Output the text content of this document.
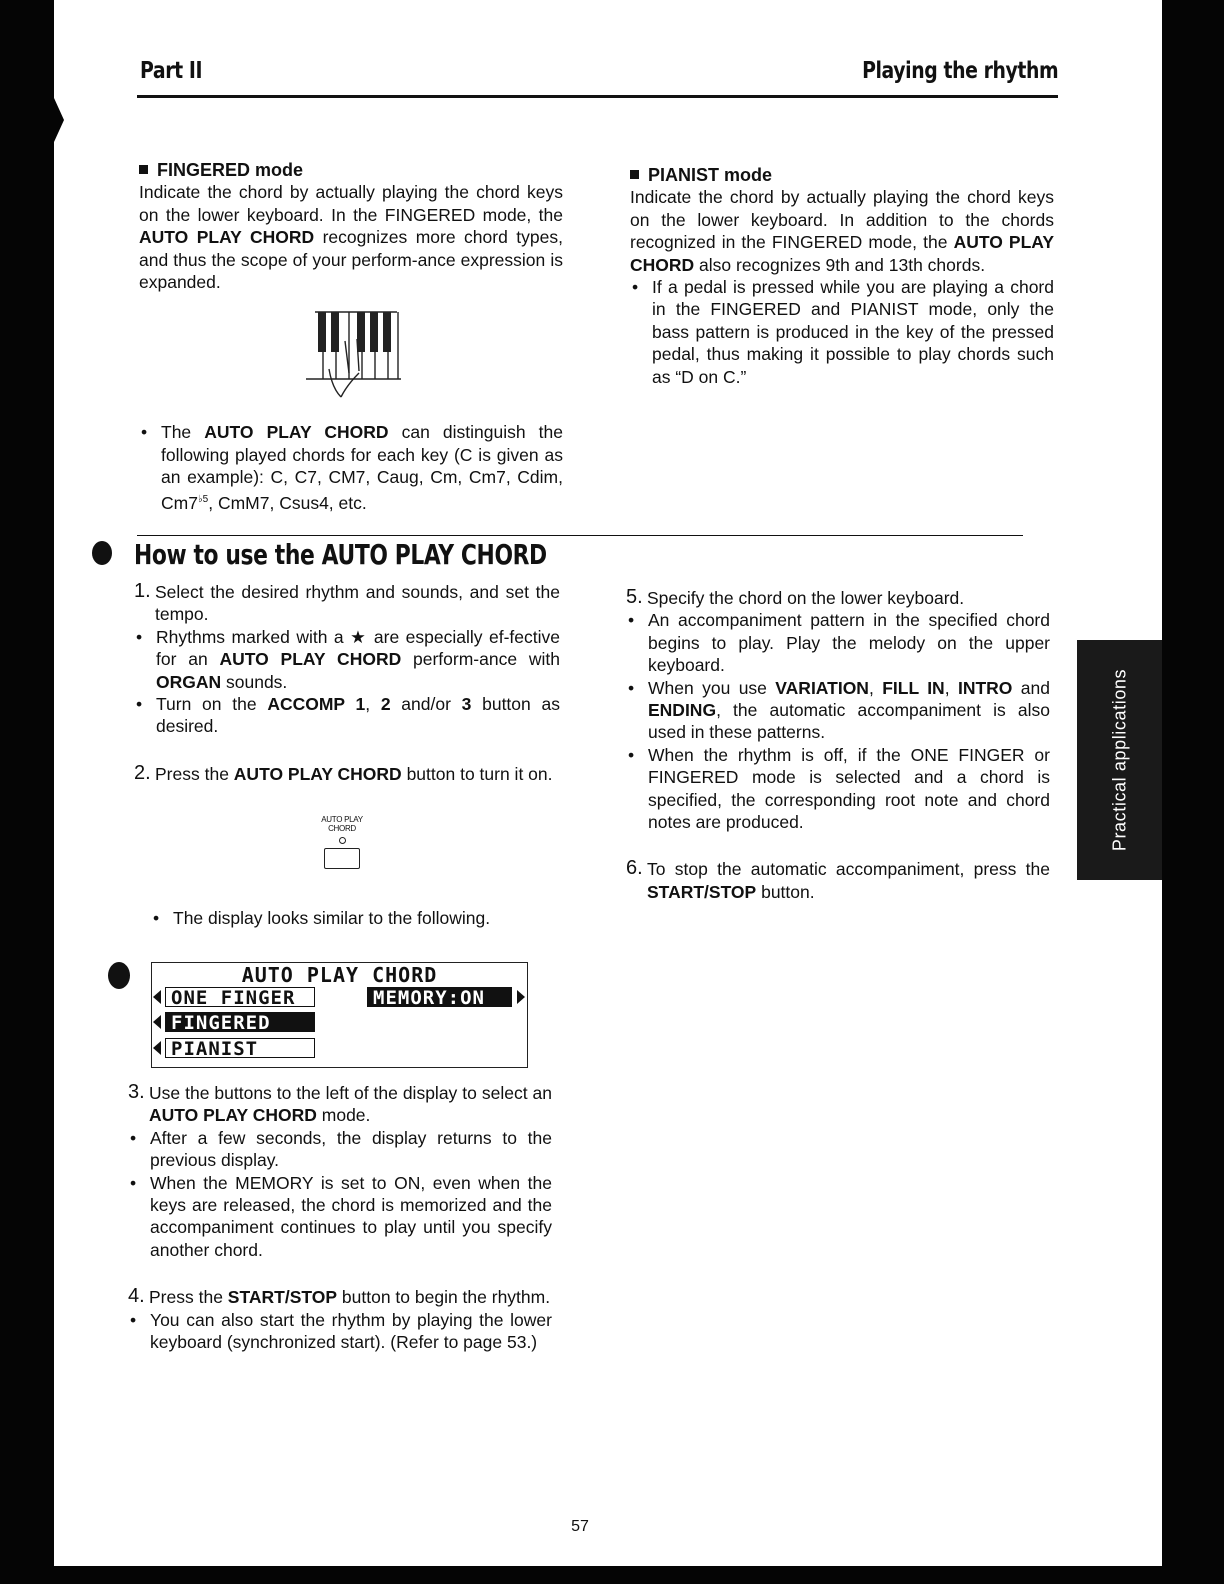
Part II	Playing the rhythm

FINGERED mode

Indicate the chord by actually playing the chord keys on the lower keyboard. In the FINGERED mode, the AUTO PLAY CHORD recognizes more chord types, and thus the scope of your perform-ance expression is expanded.

• The AUTO PLAY CHORD can distinguish the following played chords for each key (C is given as an example): C, C7, CM7, Caug, Cm, Cm7, Cdim, $Cm7^{♭5}$, CmM7, Csus4, etc.

PIANIST mode

Indicate the chord by actually playing the chord keys on the lower keyboard. In addition to the chords recognized in the FINGERED mode, the AUTO PLAY CHORD also recognizes 9th and 13th chords.

• If a pedal is pressed while you are playing a chord in the FINGERED and PIANIST mode, only the bass pattern is produced in the key of the pressed pedal, thus making it possible to play chords such as “D on C.”

How to use the AUTO PLAY CHORD

1. Select the desired rhythm and sounds, and set the tempo.

• Rhythms marked with a ★ are especially ef-fective for an AUTO PLAY CHORD perform-ance with ORGAN sounds.

• Turn on the ACCOMP 1, 2 and/or 3 button as desired.

2. Press the AUTO PLAY CHORD button to turn it on.

AUTO PLAY
CHORD

• The display looks similar to the following.

AUTO PLAY CHORD
ONE FINGER	MEMORY:ON
FINGERED
PIANIST

3. Use the buttons to the left of the display to select an AUTO PLAY CHORD mode.

• After a few seconds, the display returns to the previous display.

• When the MEMORY is set to ON, even when the keys are released, the chord is memorized and the accompaniment continues to play until you specify another chord.

4. Press the START/STOP button to begin the rhythm.

• You can also start the rhythm by playing the lower keyboard (synchronized start). (Refer to page 53.)

5. Specify the chord on the lower keyboard.

• An accompaniment pattern in the specified chord begins to play. Play the melody on the upper keyboard.

• When you use VARIATION, FILL IN, INTRO and ENDING, the automatic accompaniment is also used in these patterns.

• When the rhythm is off, if the ONE FINGER or FINGERED mode is selected and a chord is specified, the corresponding root note and chord notes are produced.

6. To stop the automatic accompaniment, press the START/STOP button.

Practical applications
57
